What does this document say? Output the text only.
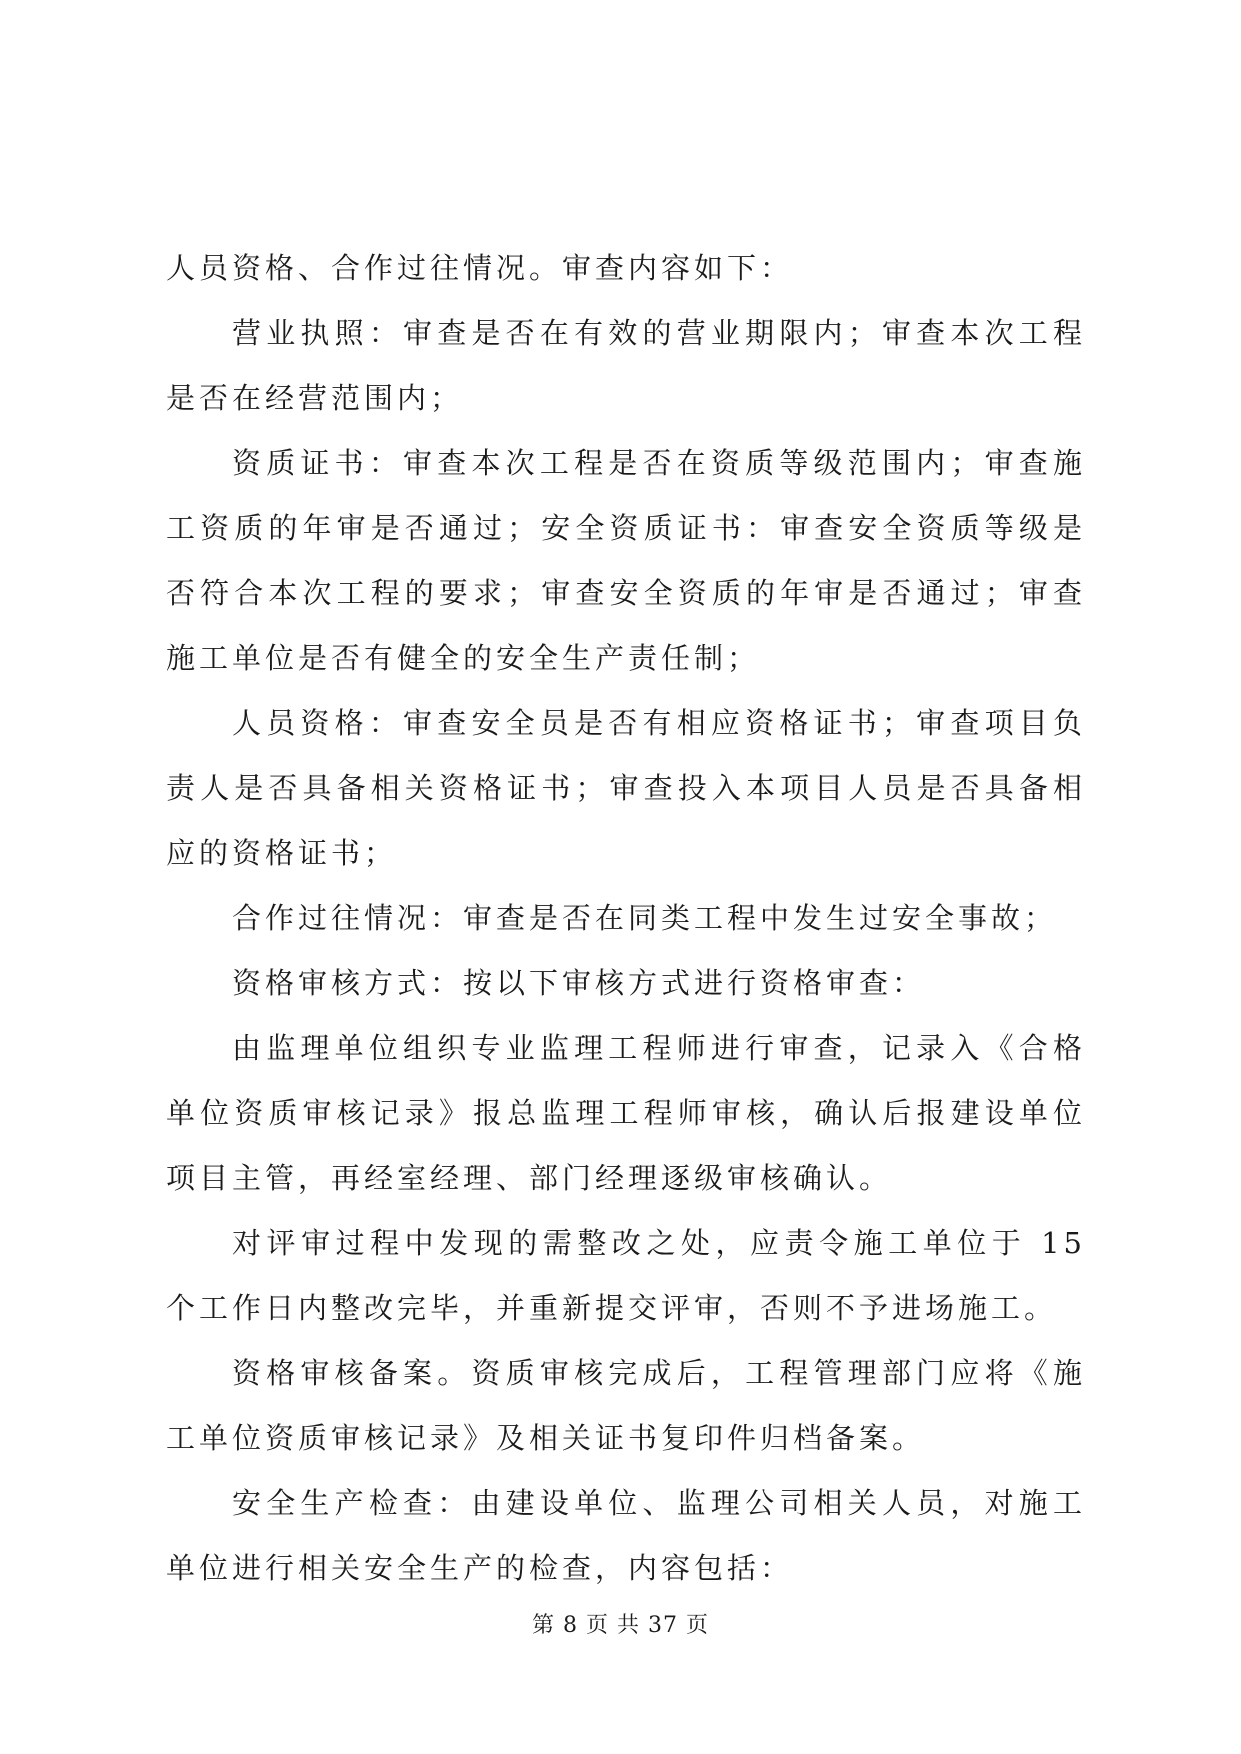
人员资格、合作过往情况。审查内容如下：

营业执照：审查是否在有效的营业期限内；审查本次工程是否在经营范围内；

资质证书：审查本次工程是否在资质等级范围内；审查施工资质的年审是否通过；安全资质证书：审查安全资质等级是否符合本次工程的要求；审查安全资质的年审是否通过；审查施工单位是否有健全的安全生产责任制；

人员资格：审查安全员是否有相应资格证书；审查项目负责人是否具备相关资格证书；审查投入本项目人员是否具备相应的资格证书；

合作过往情况：审查是否在同类工程中发生过安全事故；

资格审核方式：按以下审核方式进行资格审查：

由监理单位组织专业监理工程师进行审查，记录入《合格单位资质审核记录》报总监理工程师审核，确认后报建设单位项目主管，再经室经理、部门经理逐级审核确认。

对评审过程中发现的需整改之处，应责令施工单位于 15 个工作日内整改完毕，并重新提交评审，否则不予进场施工。

资格审核备案。资质审核完成后，工程管理部门应将《施工单位资质审核记录》及相关证书复印件归档备案。

安全生产检查：由建设单位、监理公司相关人员，对施工单位进行相关安全生产的检查，内容包括：

第 8 页 共 37 页
